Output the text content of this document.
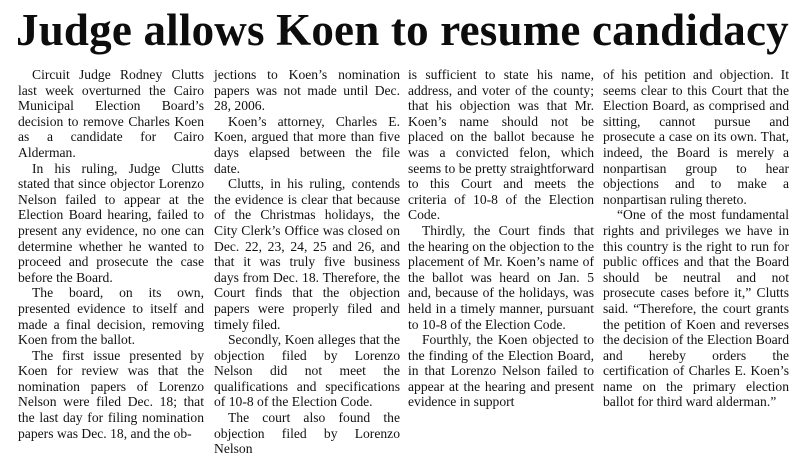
Judge allows Koen to resume candidacy

Circuit Judge Rodney Clutts last week overturned the Cairo Municipal Election Board’s decision to remove Charles Koen as a candidate for Cairo Alderman.

In his ruling, Judge Clutts stated that since objector Lorenzo Nelson failed to appear at the Election Board hearing, failed to present any evidence, no one can determine whether he wanted to proceed and prosecute the case before the Board.

The board, on its own, presented evidence to itself and made a final decision, removing Koen from the ballot.

The first issue presented by Koen for review was that the nomination papers of Lorenzo Nelson were filed Dec. 18; that the last day for filing nomination papers was Dec. 18, and the ob-

jections to Koen’s nomination papers was not made until Dec. 28, 2006.

Koen’s attorney, Charles E. Koen, argued that more than five days elapsed between the file date.

Clutts, in his ruling, contends the evidence is clear that because of the Christmas holidays, the City Clerk’s Office was closed on Dec. 22, 23, 24, 25 and 26, and that it was truly five business days from Dec. 18. Therefore, the Court finds that the objection papers were properly filed and timely filed.

Secondly, Koen alleges that the objection filed by Lorenzo Nelson did not meet the qualifications and specifications of 10-8 of the Election Code.

The court also found the objection filed by Lorenzo Nelson

is sufficient to state his name, address, and voter of the county; that his objection was that Mr. Koen’s name should not be placed on the ballot because he was a convicted felon, which seems to be pretty straightforward to this Court and meets the criteria of 10-8 of the Election Code.

Thirdly, the Court finds that the hearing on the objection to the placement of Mr. Koen’s name of the ballot was heard on Jan. 5 and, because of the holidays, was held in a timely manner, pursuant to 10-8 of the Election Code.

Fourthly, the Koen objected to the finding of the Election Board, in that Lorenzo Nelson failed to appear at the hearing and present evidence in support

of his petition and objection. It seems clear to this Court that the Election Board, as comprised and sitting, cannot pursue and prosecute a case on its own. That, indeed, the Board is merely a nonpartisan group to hear objections and to make a nonpartisan ruling thereto.

“One of the most fundamental rights and privileges we have in this country is the right to run for public offices and that the Board should be neutral and not prosecute cases before it,” Clutts said. “Therefore, the court grants the petition of Koen and reverses the decision of the Election Board and hereby orders the certification of Charles E. Koen’s name on the primary election ballot for third ward alderman.”
